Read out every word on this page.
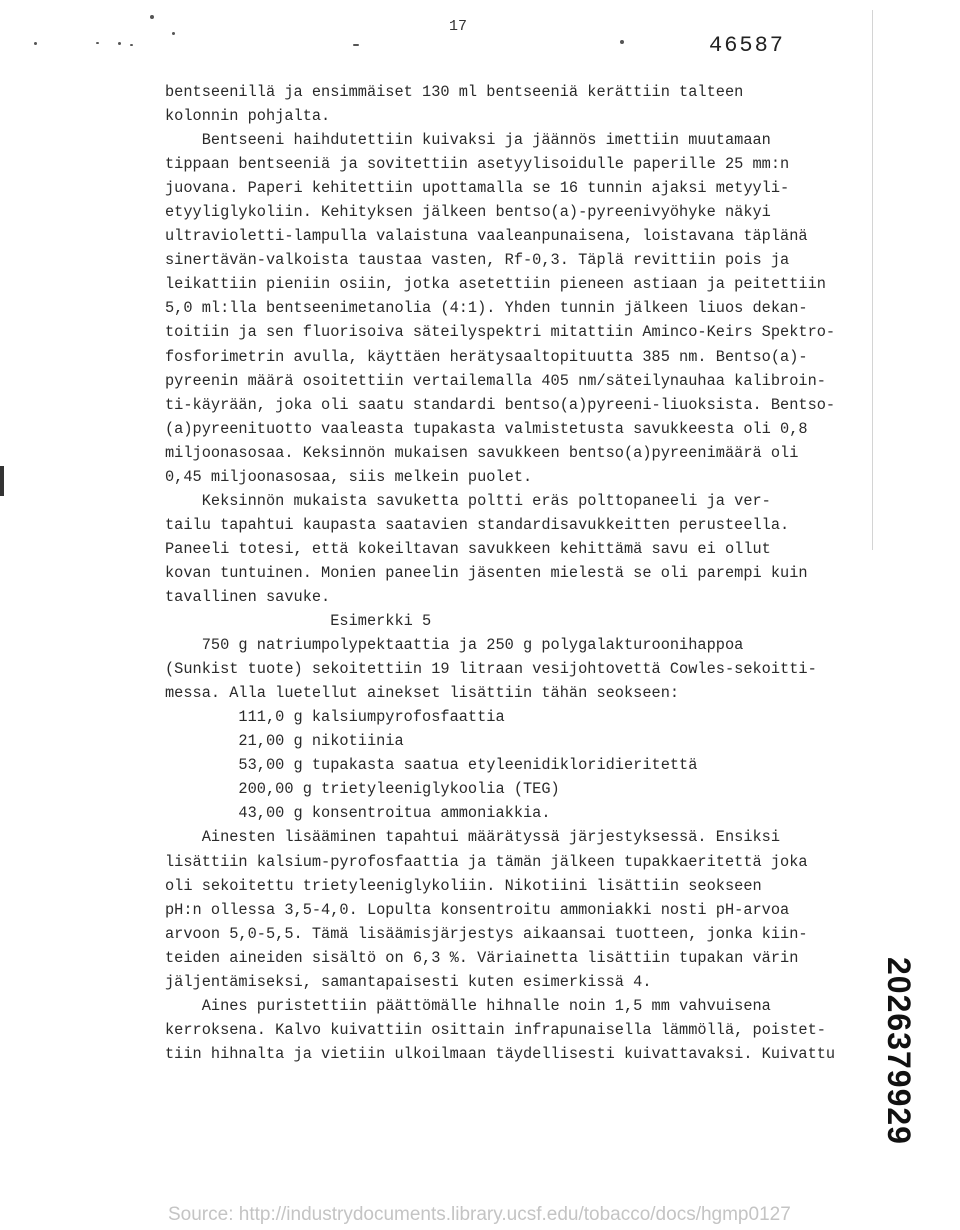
17
46587
bentseenillä ja ensimmäiset 130 ml bentseeniä kerättiin talteen
kolonnin pohjalta.
Bentseeni haihdutettiin kuivaksi ja jäännös imettiin muutamaan
tippaan bentseeniä ja sovitettiin asetyylisoidulle paperille 25 mm:n
juovana. Paperi kehitettiin upottamalla se 16 tunnin ajaksi metyyli-
etyyliglykoliin. Kehityksen jälkeen bentso(a)-pyreenivyöhyke näkyi
ultravioletti-lampulla valaistuna vaaleanpunaisena, loistavana täplänä
sinertävän-valkoista taustaa vasten, Rf-0,3. Täplä revittiin pois ja
leikattiin pieniin osiin, jotka asetettiin pieneen astiaan ja peitettiin
5,0 ml:lla bentseenimetanolia (4:1). Yhden tunnin jälkeen liuos dekan-
toitiin ja sen fluorisoiva säteilyspektri mitattiin Aminco-Keirs Spektro-
fosforimetrin avulla, käyttäen herätysaaltopituutta 385 nm. Bentso(a)-
pyreenin määrä osoitettiin vertailemalla 405 nm/säteilynauhaa kalibroin-
ti-käyrään, joka oli saatu standardi bentso(a)pyreeni-liuoksista. Bentso-
(a)pyreenituotto vaaleasta tupakasta valmistetusta savukkeesta oli 0,8
miljoonasosaa. Keksinnön mukaisen savukkeen bentso(a)pyreenimäärä oli
0,45 miljoonasosaa, siis melkein puolet.
Keksinnön mukaista savuketta poltti eräs polttopaneeli ja ver-
tailu tapahtui kaupasta saatavien standardisavukkeitten perusteella.
Paneeli totesi, että kokeiltavan savukkeen kehittämä savu ei ollut
kovan tuntuinen. Monien paneelin jäsenten mielestä se oli parempi kuin
tavallinen savuke.
Esimerkki 5
750 g natriumpolypektaattia ja 250 g polygalakturoonihappoa
(Sunkist tuote) sekoitettiin 19 litraan vesijohtovettä Cowles-sekoitti-
messa. Alla luetellut ainekset lisättiin tähän seokseen:
111,0 g kalsiumpyrofosfaattia
21,00 g nikotiinia
53,00 g tupakasta saatua etyleenidikloridieritettä
200,00 g trietyleeniglykoolia (TEG)
43,00 g konsentroitua ammoniakkia.
Ainesten lisääminen tapahtui määrätyssä järjestyksessä. Ensiksi
lisättiin kalsium-pyrofosfaattia ja tämän jälkeen tupakkaeritettä joka
oli sekoitettu trietyleeniglykoliin. Nikotiini lisättiin seokseen
pH:n ollessa 3,5-4,0. Lopulta konsentroitu ammoniakki nosti pH-arvoa
arvoon 5,0-5,5. Tämä lisäämisjärjestys aikaansai tuotteen, jonka kiin-
teiden aineiden sisältö on 6,3 %. Väriainetta lisättiin tupakan värin
jäljentämiseksi, samantapaisesti kuten esimerkissä 4.
Aines puristettiin päättömälle hihnalle noin 1,5 mm vahvuisena
kerroksena. Kalvo kuivattiin osittain infrapunaisella lämmöllä, poistet-
tiin hihnalta ja vietiin ulkoilmaan täydellisesti kuivattavaksi. Kuivattu	2026379929
Source: http://industrydocuments.library.ucsf.edu/tobacco/docs/hgmp0127
